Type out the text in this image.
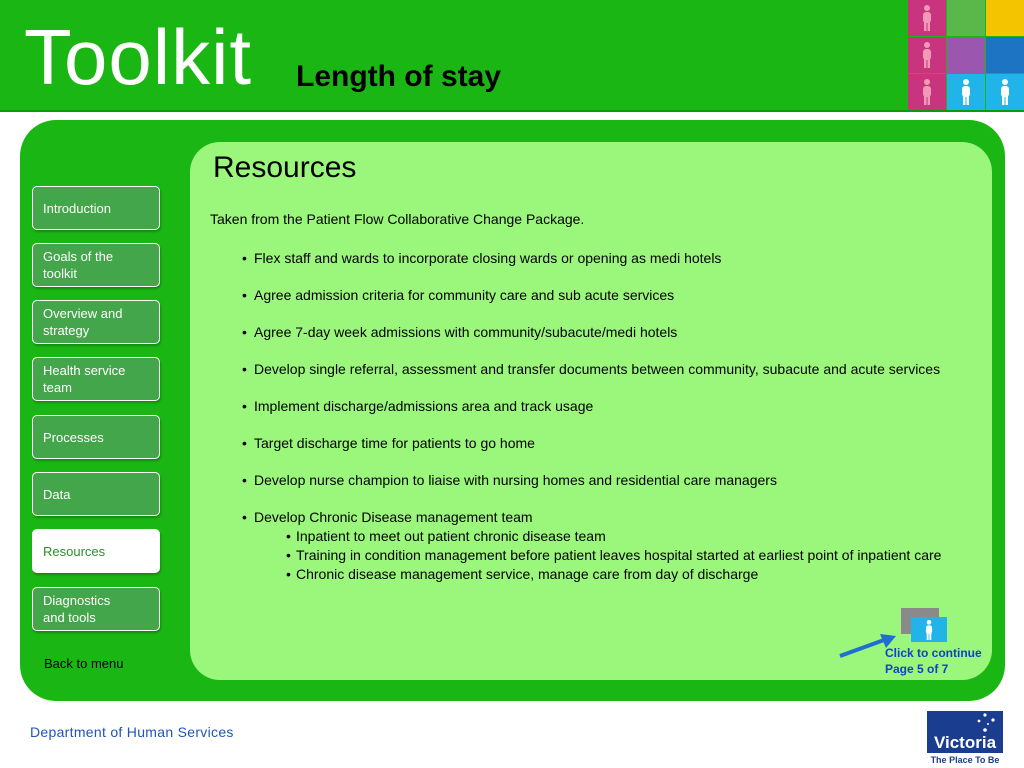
Toolkit Length of stay
Introduction
Goals of the
toolkit
Overview and
strategy
Health service
team
Processes
Data
Resources
Diagnostics
and tools
Back to menu
Resources
Taken from the Patient Flow Collaborative Change Package.
• Flex staff and wards to incorporate closing wards or opening as medi hotels
• Agree admission criteria for community care and sub acute services
• Agree 7-day week admissions with community/subacute/medi hotels
• Develop single referral, assessment and transfer documents between community, subacute and acute services
• Implement discharge/admissions area and track usage
• Target discharge time for patients to go home
• Develop nurse champion to liaise with nursing homes and residential care managers
• Develop Chronic Disease management team
• Inpatient to meet out patient chronic disease team
• Training in condition management before patient leaves hospital started at earliest point of inpatient care
• Chronic disease management service, manage care from day of discharge
Click to continue
Page 5 of 7
Department of Human Services
Victoria
The Place To Be
